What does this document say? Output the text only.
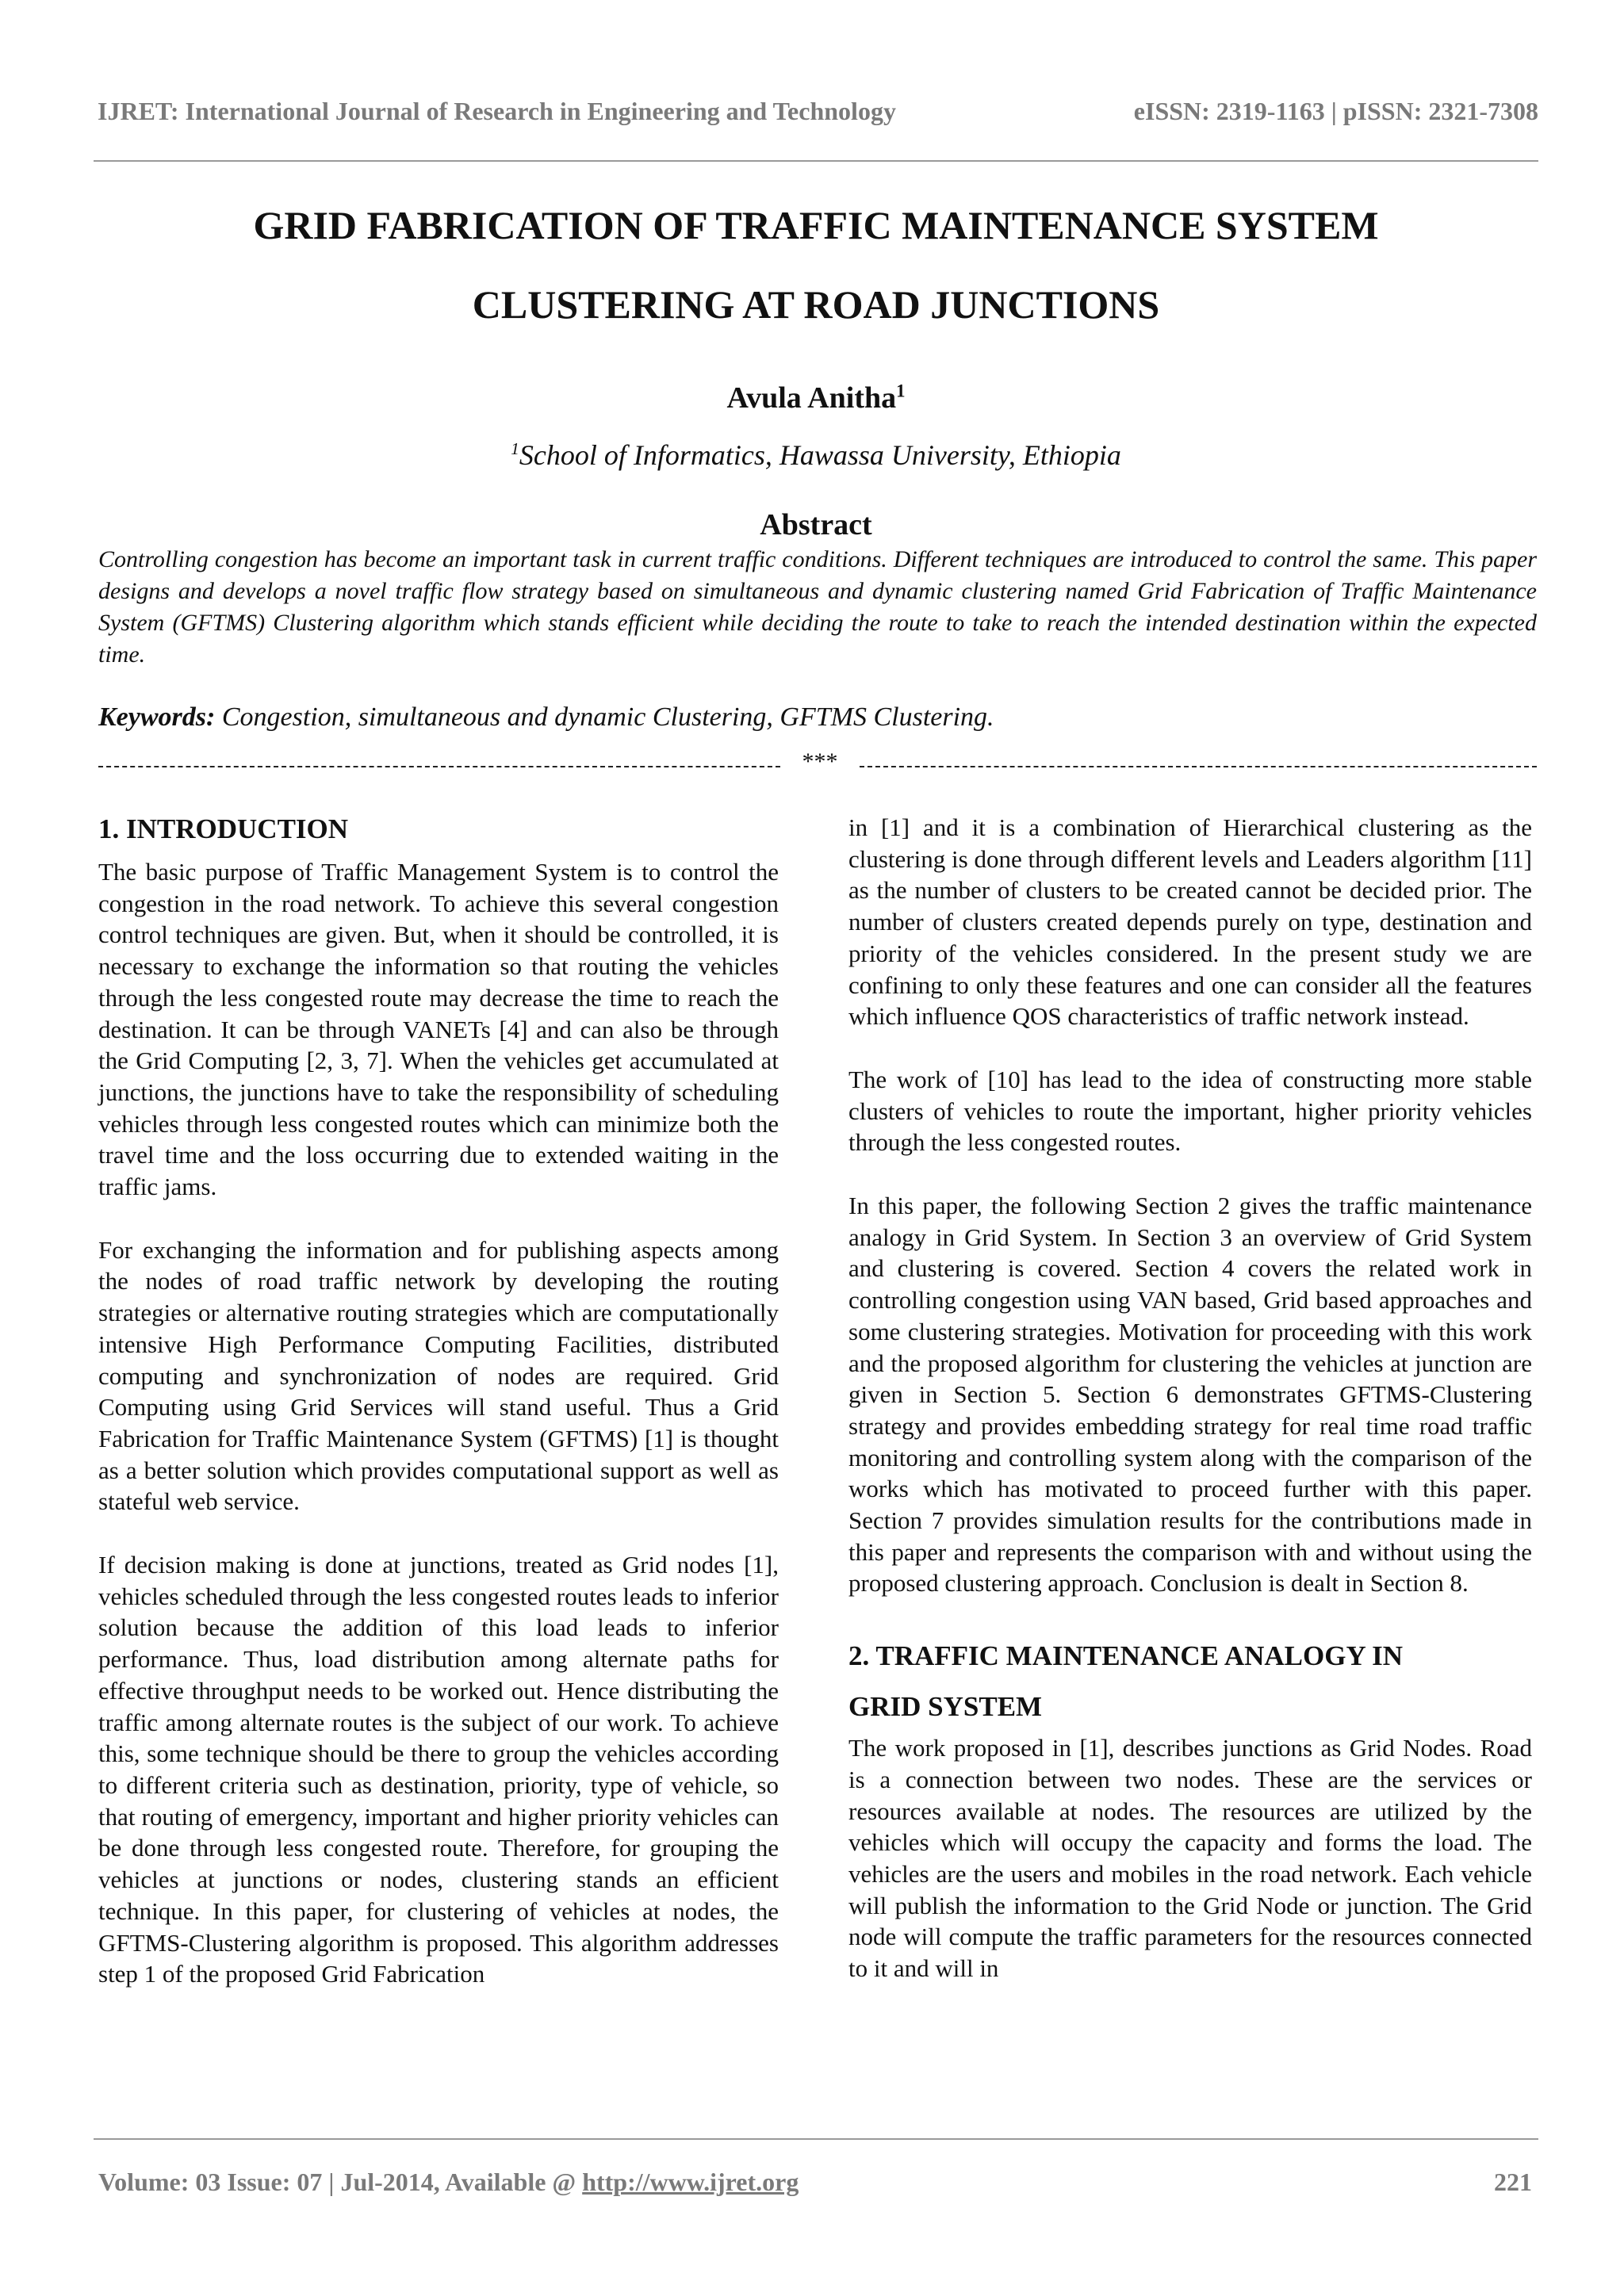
IJRET: International Journal of Research in Engineering and Technology	eISSN: 2319-1163 | pISSN: 2321-7308
GRID FABRICATION OF TRAFFIC MAINTENANCE SYSTEM
CLUSTERING AT ROAD JUNCTIONS
Avula Anitha$^1$
$^1$School of Informatics, Hawassa University, Ethiopia
Abstract

Controlling congestion has become an important task in current traffic conditions. Different techniques are introduced to control the same. This paper designs and develops a novel traffic flow strategy based on simultaneous and dynamic clustering named Grid Fabrication of Traffic Maintenance System (GFTMS) Clustering algorithm which stands efficient while deciding the route to take to reach the intended destination within the expected time.

Keywords: Congestion, simultaneous and dynamic Clustering, GFTMS Clustering.
***
1. INTRODUCTION

The basic purpose of Traffic Management System is to control the congestion in the road network. To achieve this several congestion control techniques are given. But, when it should be controlled, it is necessary to exchange the information so that routing the vehicles through the less congested route may decrease the time to reach the destination. It can be through VANETs [4] and can also be through the Grid Computing [2, 3, 7]. When the vehicles get accumulated at junctions, the junctions have to take the responsibility of scheduling vehicles through less congested routes which can minimize both the travel time and the loss occurring due to extended waiting in the traffic jams.

For exchanging the information and for publishing aspects among the nodes of road traffic network by developing the routing strategies or alternative routing strategies which are computationally intensive High Performance Computing Facilities, distributed computing and synchronization of nodes are required. Grid Computing using Grid Services will stand useful. Thus a Grid Fabrication for Traffic Maintenance System (GFTMS) [1] is thought as a better solution which provides computational support as well as stateful web service.

If decision making is done at junctions, treated as Grid nodes [1], vehicles scheduled through the less congested routes leads to inferior solution because the addition of this load leads to inferior performance. Thus, load distribution among alternate paths for effective throughput needs to be worked out. Hence distributing the traffic among alternate routes is the subject of our work. To achieve this, some technique should be there to group the vehicles according to different criteria such as destination, priority, type of vehicle, so that routing of emergency, important and higher priority vehicles can be done through less congested route. Therefore, for grouping the vehicles at junctions or nodes, clustering stands an efficient technique. In this paper, for clustering of vehicles at nodes, the GFTMS-Clustering algorithm is proposed. This algorithm addresses step 1 of the proposed Grid Fabrication

in [1] and it is a combination of Hierarchical clustering as the clustering is done through different levels and Leaders algorithm [11] as the number of clusters to be created cannot be decided prior. The number of clusters created depends purely on type, destination and priority of the vehicles considered. In the present study we are confining to only these features and one can consider all the features which influence QOS characteristics of traffic network instead.

The work of [10] has lead to the idea of constructing more stable clusters of vehicles to route the important, higher priority vehicles through the less congested routes.

In this paper, the following Section 2 gives the traffic maintenance analogy in Grid System. In Section 3 an overview of Grid System and clustering is covered. Section 4 covers the related work in controlling congestion using VAN based, Grid based approaches and some clustering strategies. Motivation for proceeding with this work and the proposed algorithm for clustering the vehicles at junction are given in Section 5. Section 6 demonstrates GFTMS-Clustering strategy and provides embedding strategy for real time road traffic monitoring and controlling system along with the comparison of the works which has motivated to proceed further with this paper. Section 7 provides simulation results for the contributions made in this paper and represents the comparison with and without using the proposed clustering approach. Conclusion is dealt in Section 8.

2. TRAFFIC MAINTENANCE ANALOGY IN
GRID SYSTEM

The work proposed in [1], describes junctions as Grid Nodes. Road is a connection between two nodes. These are the services or resources available at nodes. The resources are utilized by the vehicles which will occupy the capacity and forms the load. The vehicles are the users and mobiles in the road network. Each vehicle will publish the information to the Grid Node or junction. The Grid node will compute the traffic parameters for the resources connected to it and will in

Volume: 03 Issue: 07 | Jul-2014, Available @ http://www.ijret.org	221
